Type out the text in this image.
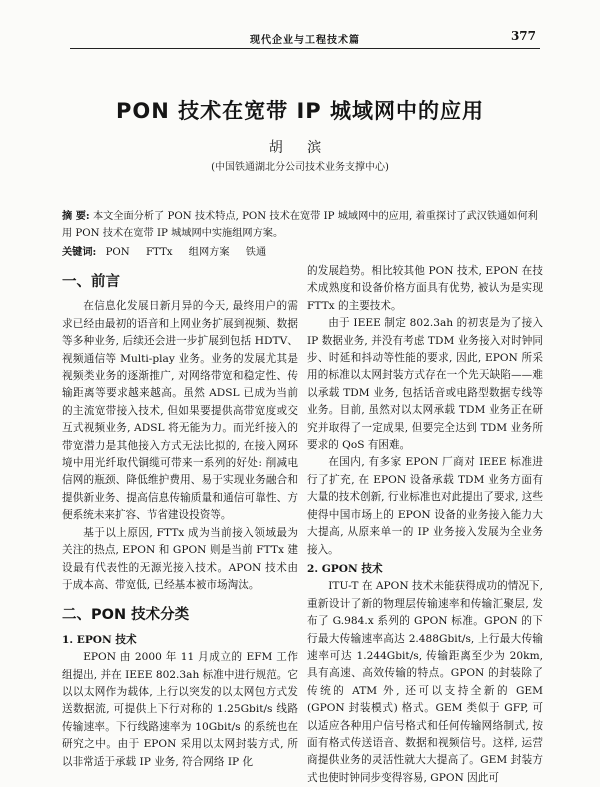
现代企业与工程技术篇	377
PON 技术在宽带 IP 城域网中的应用
胡 滨
(中国铁通湖北分公司技术业务支撑中心)
摘 要: 本文全面分析了 PON 技术特点, PON 技术在宽带 IP 城域网中的应用, 着重探讨了武汉铁通如何利用 PON 技术在宽带 IP 城域网中实施组网方案。
关键词: PON FTTx 组网方案 铁通
一、前言

在信息化发展日新月异的今天, 最终用户的需求已经由最初的语音和上网业务扩展到视频、数据等多种业务, 后续还会进一步扩展到包括 HDTV、视频通信等 Multi-play 业务。业务的发展尤其是视频类业务的逐渐推广, 对网络带宽和稳定性、传输距离等要求越来越高。虽然 ADSL 已成为当前的主流宽带接入技术, 但如果要提供高带宽度或交互式视频业务, ADSL 将无能为力。而光纤接入的带宽潜力是其他接入方式无法比拟的, 在接入网环境中用光纤取代铜缆可带来一系列的好处: 削减电信网的瓶颈、降低维护费用、易于实现业务融合和提供新业务、提高信息传输质量和通信可靠性、方便系统未来扩容、节省建设投资等。

基于以上原因, FTTx 成为当前接入领域最为关注的热点, EPON 和 GPON 则是当前 FTTx 建设最有代表性的无源光接入技术。APON 技术由于成本高、带宽低, 已经基本被市场淘汰。

二、PON 技术分类
1. EPON 技术

EPON 由 2000 年 11 月成立的 EFM 工作组提出, 并在 IEEE 802.3ah 标准中进行规范。它以以太网作为载体, 上行以突发的以太网包方式发送数据流, 可提供上下行对称的 1.25Gbit/s 线路传输速率。下行线路速率为 10Gbit/s 的系统也在研究之中。由于 EPON 采用以太网封装方式, 所以非常适于承载 IP 业务, 符合网络 IP 化

的发展趋势。相比较其他 PON 技术, EPON 在技术成熟度和设备价格方面具有优势, 被认为是实现 FTTx 的主要技术。

由于 IEEE 制定 802.3ah 的初衷是为了接入 IP 数据业务, 并没有考虑 TDM 业务接入对时钟同步、时延和抖动等性能的要求, 因此, EPON 所采用的标准以太网封装方式存在一个先天缺陷——难以承载 TDM 业务, 包括话音或电路型数据专线等业务。目前, 虽然对以太网承载 TDM 业务正在研究并取得了一定成果, 但要完全达到 TDM 业务所要求的 QoS 有困难。

在国内, 有多家 EPON 厂商对 IEEE 标准进行了扩充, 在 EPON 设备承载 TDM 业务方面有大量的技术创新, 行业标准也对此提出了要求, 这些使得中国市场上的 EPON 设备的业务接入能力大大提高, 从原来单一的 IP 业务接入发展为全业务接入。

2. GPON 技术

ITU-T 在 APON 技术未能获得成功的情况下, 重新设计了新的物理层传输速率和传输汇聚层, 发布了 G.984.x 系列的 GPON 标准。GPON 的下行最大传输速率高达 2.488Gbit/s, 上行最大传输速率可达 1.244Gbit/s, 传输距离至少为 20km, 具有高速、高效传输的特点。GPON 的封装除了传统的 ATM 外, 还可以支持全新的 GEM (GPON 封装模式) 格式。GEM 类似于 GFP, 可以适应各种用户信号格式和任何传输网络制式, 按面有格式传送语音、数据和视频信号。这样, 运营商提供业务的灵活性就大大提高了。GEM 封装方式也使时钟同步变得容易, GPON 因此可
